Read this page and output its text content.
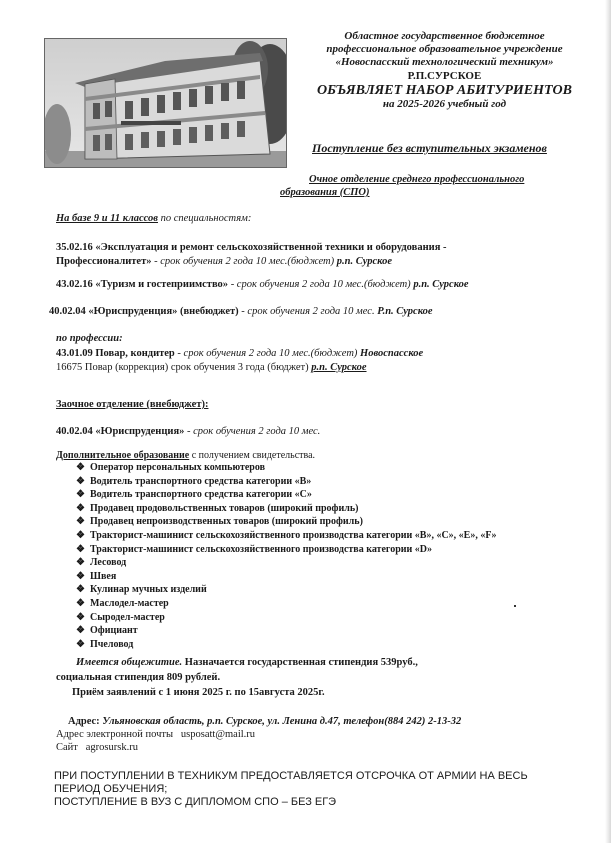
Областное государственное бюджетное
профессиональное образовательное учреждение
«Новоспасский технологический техникум»
Р.П.СУРСКОЕ
ОБЪЯВЛЯЕТ НАБОР АБИТУРИЕНТОВ
на 2025-2026 учебный год
Поступление без вступительных экзаменов
Очное отделение среднего профессионального
образования (СПО)
На базе 9 и 11 классов по специальностям:
35.02.16 «Эксплуатация и ремонт сельскохозяйственной техники и оборудования -
Профессионалитет» - срок обучения 2 года 10 мес.(бюджет) р.п. Сурское
43.02.16 «Туризм и гостеприимство» - срок обучения 2 года 10 мес.(бюджет) р.п. Сурское
40.02.04 «Юриспруденция» (внебюджет) - срок обучения 2 года 10 мес. Р.п. Сурское
по профессии:
43.01.09 Повар, кондитер - срок обучения 2 года 10 мес.(бюджет) Новоспасское
16675 Повар (коррекция) срок обучения 3 года (бюджет) р.п. Сурское
Заочное отделение (внебюджет):
40.02.04 «Юриспруденция» - срок обучения 2 года 10 мес.
Дополнительное образование с получением свидетельства.
❖ Оператор персональных компьютеров
❖ Водитель транспортного средства категории «В»
❖ Водитель транспортного средства категории «С»
❖ Продавец продовольственных товаров (широкий профиль)
❖ Продавец непроизводственных товаров (широкий профиль)
❖ Тракторист-машинист сельскохозяйственного производства категории «В», «С», «Е», «F»
❖ Тракторист-машинист сельскохозяйственного производства категории «D»
❖ Лесовод
❖ Швея
❖ Кулинар мучных изделий
❖ Маслодел-мастер
❖ Сыродел-мастер
❖ Официант
❖ Пчеловод
Имеется общежитие. Назначается государственная стипендия 539руб.,
социальная стипендия 809 рублей.
Приём заявлений с 1 июня 2025 г. по 15августа 2025г.
Адрес: Ульяновская область, р.п. Сурское, ул. Ленина д.47, телефон(884 242) 2-13-32
Адрес электронной почты usposatt@mail.ru
Сайт agrosursk.ru
ПРИ ПОСТУПЛЕНИИ В ТЕХНИКУМ ПРЕДОСТАВЛЯЕТСЯ ОТСРОЧКА ОТ АРМИИ НА ВЕСЬ
ПЕРИОД ОБУЧЕНИЯ;
ПОСТУПЛЕНИЕ В ВУЗ С ДИПЛОМОМ СПО – БЕЗ ЕГЭ
